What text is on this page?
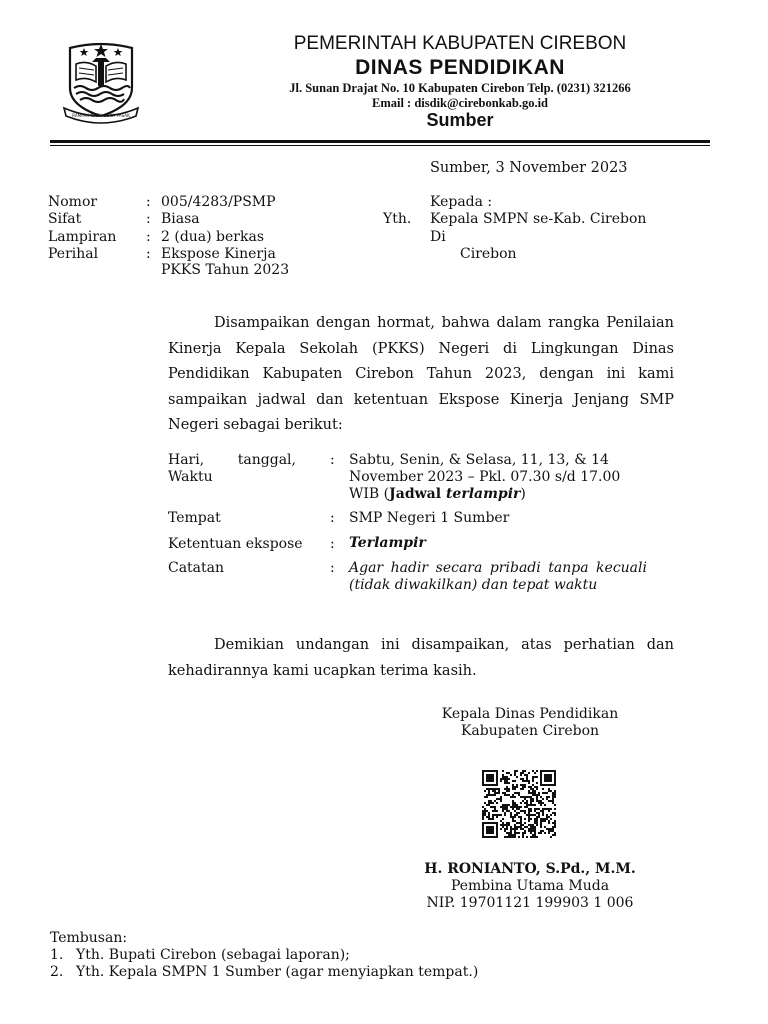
RAMPAK NAGA SUKA PASAK
PEMERINTAH KABUPATEN CIREBON
DINAS PENDIDIKAN
Jl. Sunan Drajat No. 10 Kabupaten Cirebon Telp. (0231) 321266
Email : disdik@cirebonkab.go.id
Sumber
Sumber, 3 November 2023
Nomor	: 005/4283/PSMP
Sifat	: Biasa
Lampiran : 2 (dua) berkas
Perihal	: Ekspose Kinerja
PKKS Tahun 2023
Kepada :
Yth. Kepala SMPN se-Kab. Cirebon
Di
Cirebon
Disampaikan dengan hormat, bahwa dalam rangka Penilaian Kinerja Kepala Sekolah (PKKS) Negeri di Lingkungan Dinas Pendidikan Kabupaten Cirebon Tahun 2023, dengan ini kami sampaikan jadwal dan ketentuan Ekspose Kinerja Jenjang SMP Negeri sebagai berikut:
Hari, tanggal, Waktu
: Sabtu, Senin, & Selasa, 11, 13, & 14 November 2023 – Pkl. 07.30 s/d 17.00 WIB (Jadwal terlampir)
Tempat	: SMP Negeri 1 Sumber
Ketentuan ekspose : Terlampir
Catatan	: Agar hadir secara pribadi tanpa kecuali (tidak diwakilkan) dan tepat waktu
Demikian undangan ini disampaikan, atas perhatian dan kehadirannya kami ucapkan terima kasih.
Kepala Dinas Pendidikan
Kabupaten Cirebon
H. RONIANTO, S.Pd., M.M.
Pembina Utama Muda
NIP. 19701121 199903 1 006
Tembusan:
1. Yth. Bupati Cirebon (sebagai laporan);
2. Yth. Kepala SMPN 1 Sumber (agar menyiapkan tempat.)
